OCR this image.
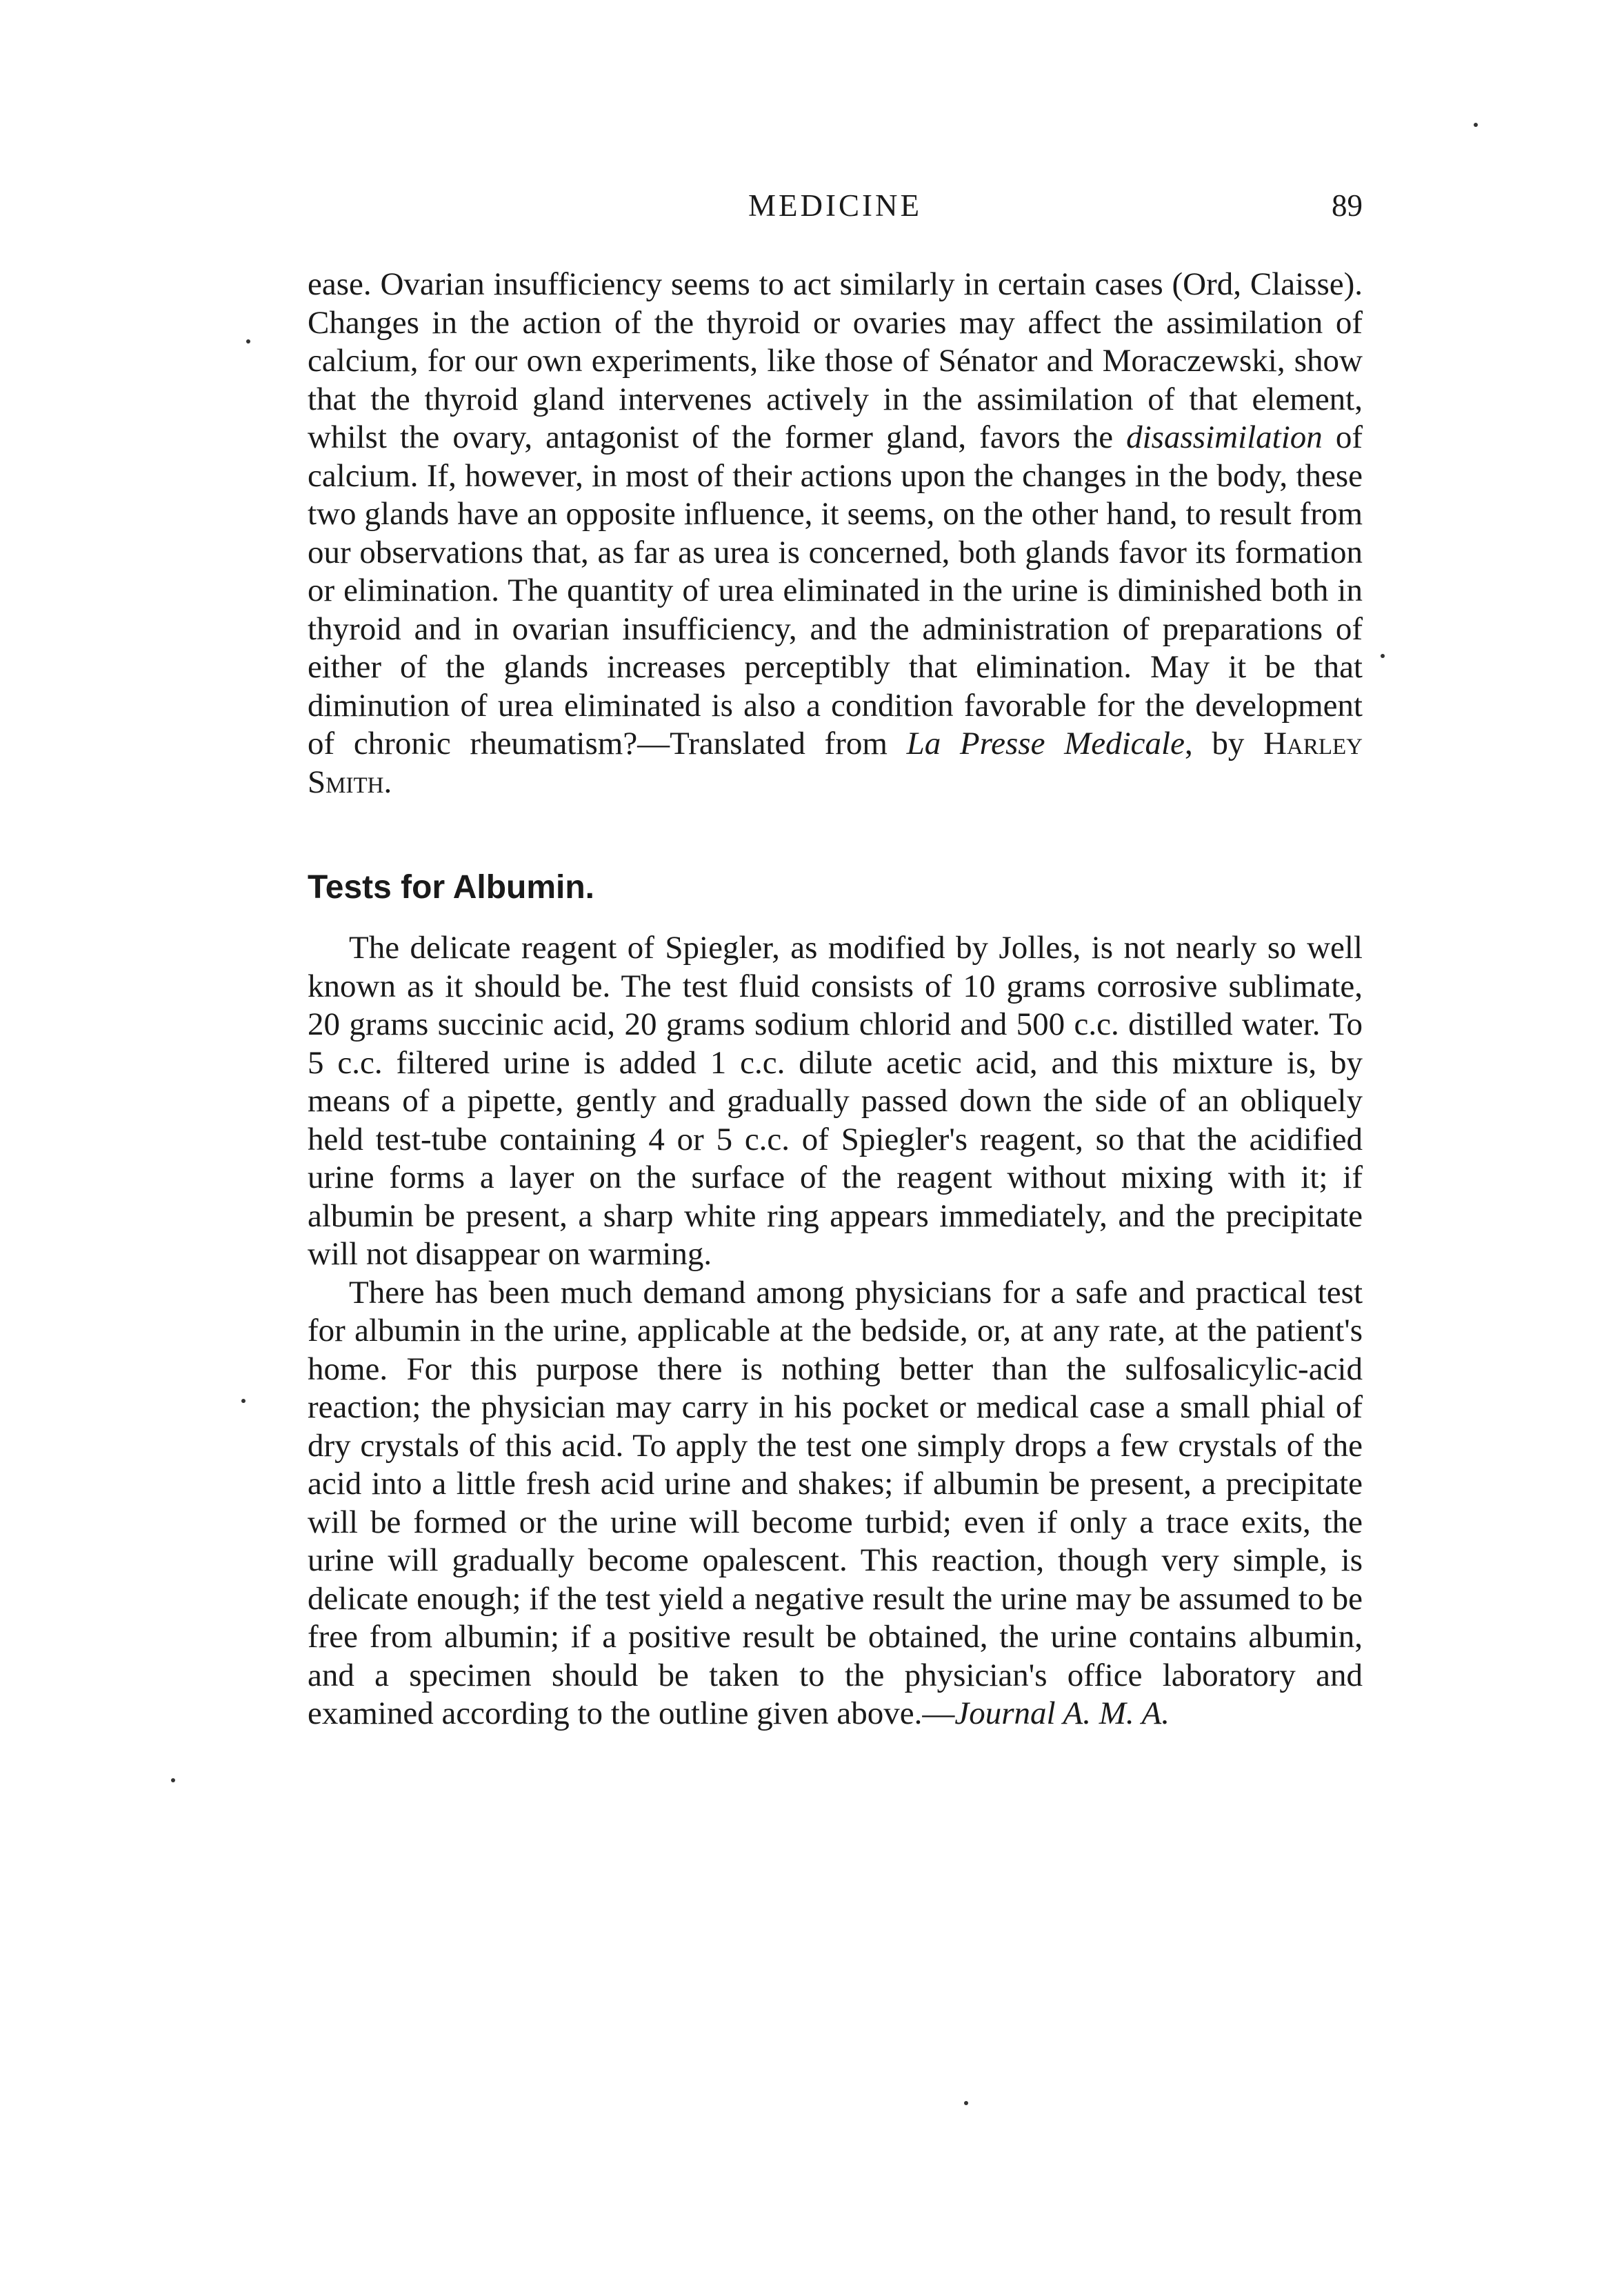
MEDICINE	89

ease. Ovarian insufficiency seems to act similarly in certain cases (Ord, Claisse). Changes in the action of the thyroid or ovaries may affect the assimilation of calcium, for our own experiments, like those of Sénator and Moraczewski, show that the thyroid gland intervenes actively in the assimilation of that element, whilst the ovary, antagonist of the former gland, favors the disassimilation of calcium. If, however, in most of their actions upon the changes in the body, these two glands have an opposite influence, it seems, on the other hand, to result from our observations that, as far as urea is concerned, both glands favor its formation or elimination. The quantity of urea eliminated in the urine is diminished both in thyroid and in ovarian insufficiency, and the administration of preparations of either of the glands increases perceptibly that elimination. May it be that diminution of urea eliminated is also a condition favorable for the development of chronic rheumatism?—Translated from La Presse Medicale, by Harley Smith.

Tests for Albumin.

The delicate reagent of Spiegler, as modified by Jolles, is not nearly so well known as it should be. The test fluid consists of 10 grams corrosive sublimate, 20 grams succinic acid, 20 grams sodium chlorid and 500 c.c. distilled water. To 5 c.c. filtered urine is added 1 c.c. dilute acetic acid, and this mixture is, by means of a pipette, gently and gradually passed down the side of an obliquely held test-tube containing 4 or 5 c.c. of Spiegler's reagent, so that the acidified urine forms a layer on the surface of the reagent without mixing with it; if albumin be present, a sharp white ring appears immediately, and the precipitate will not disappear on warming.

There has been much demand among physicians for a safe and practical test for albumin in the urine, applicable at the bedside, or, at any rate, at the patient's home. For this purpose there is nothing better than the sulfosalicylic-acid reaction; the physician may carry in his pocket or medical case a small phial of dry crystals of this acid. To apply the test one simply drops a few crystals of the acid into a little fresh acid urine and shakes; if albumin be present, a precipitate will be formed or the urine will become turbid; even if only a trace exits, the urine will gradually become opalescent. This reaction, though very simple, is delicate enough; if the test yield a negative result the urine may be assumed to be free from albumin; if a positive result be obtained, the urine contains albumin, and a specimen should be taken to the physician's office laboratory and examined according to the outline given above.—Journal A. M. A.
